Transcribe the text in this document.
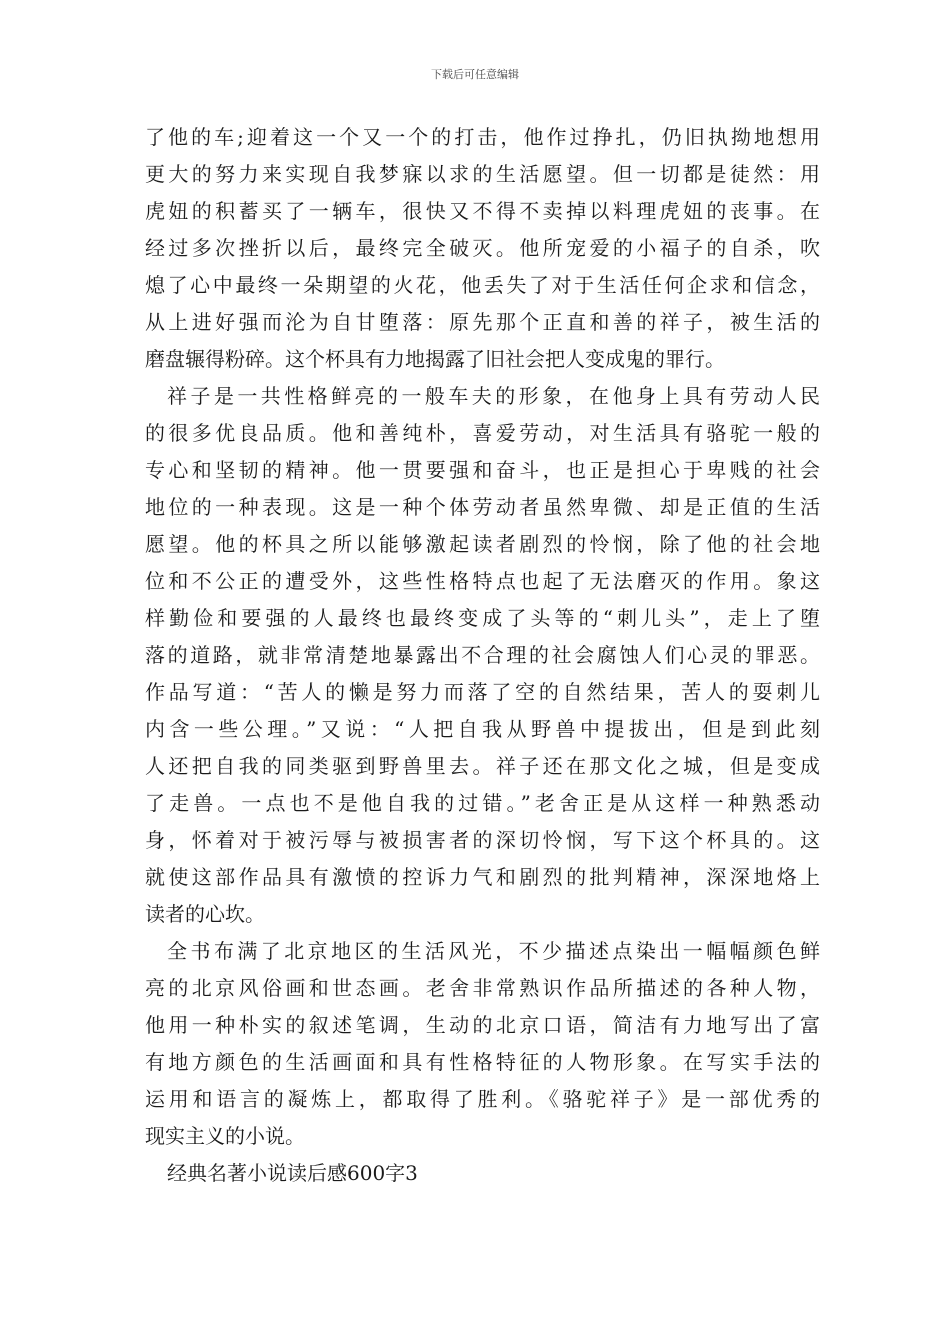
下载后可任意编辑
了他的车;迎着这一个又一个的打击，他作过挣扎，仍旧执拗地想用
更大的努力来实现自我梦寐以求的生活愿望。但一切都是徒然：用
虎妞的积蓄买了一辆车，很快又不得不卖掉以料理虎妞的丧事。在
经过多次挫折以后，最终完全破灭。他所宠爱的小福子的自杀，吹
熄了心中最终一朵期望的火花，他丢失了对于生活任何企求和信念，
从上进好强而沦为自甘堕落：原先那个正直和善的祥子，被生活的
磨盘辗得粉碎。这个杯具有力地揭露了旧社会把人变成鬼的罪行。
祥子是一共性格鲜亮的一般车夫的形象，在他身上具有劳动人民
的很多优良品质。他和善纯朴，喜爱劳动，对生活具有骆驼一般的
专心和坚韧的精神。他一贯要强和奋斗，也正是担心于卑贱的社会
地位的一种表现。这是一种个体劳动者虽然卑微、却是正值的生活
愿望。他的杯具之所以能够激起读者剧烈的怜悯，除了他的社会地
位和不公正的遭受外，这些性格特点也起了无法磨灭的作用。象这
样勤俭和要强的人最终也最终变成了头等的“刺儿头”，走上了堕
落的道路，就非常清楚地暴露出不合理的社会腐蚀人们心灵的罪恶。
作品写道：“苦人的懒是努力而落了空的自然结果，苦人的耍刺儿
内含一些公理。”又说：“人把自我从野兽中提拔出，但是到此刻
人还把自我的同类驱到野兽里去。祥子还在那文化之城，但是变成
了走兽。一点也不是他自我的过错。”老舍正是从这样一种熟悉动
身，怀着对于被污辱与被损害者的深切怜悯，写下这个杯具的。这
就使这部作品具有激愤的控诉力气和剧烈的批判精神，深深地烙上
读者的心坎。
全书布满了北京地区的生活风光，不少描述点染出一幅幅颜色鲜
亮的北京风俗画和世态画。老舍非常熟识作品所描述的各种人物，
他用一种朴实的叙述笔调，生动的北京口语，简洁有力地写出了富
有地方颜色的生活画面和具有性格特征的人物形象。在写实手法的
运用和语言的凝炼上，都取得了胜利。《骆驼祥子》是一部优秀的
现实主义的小说。
经典名著小说读后感600字3
